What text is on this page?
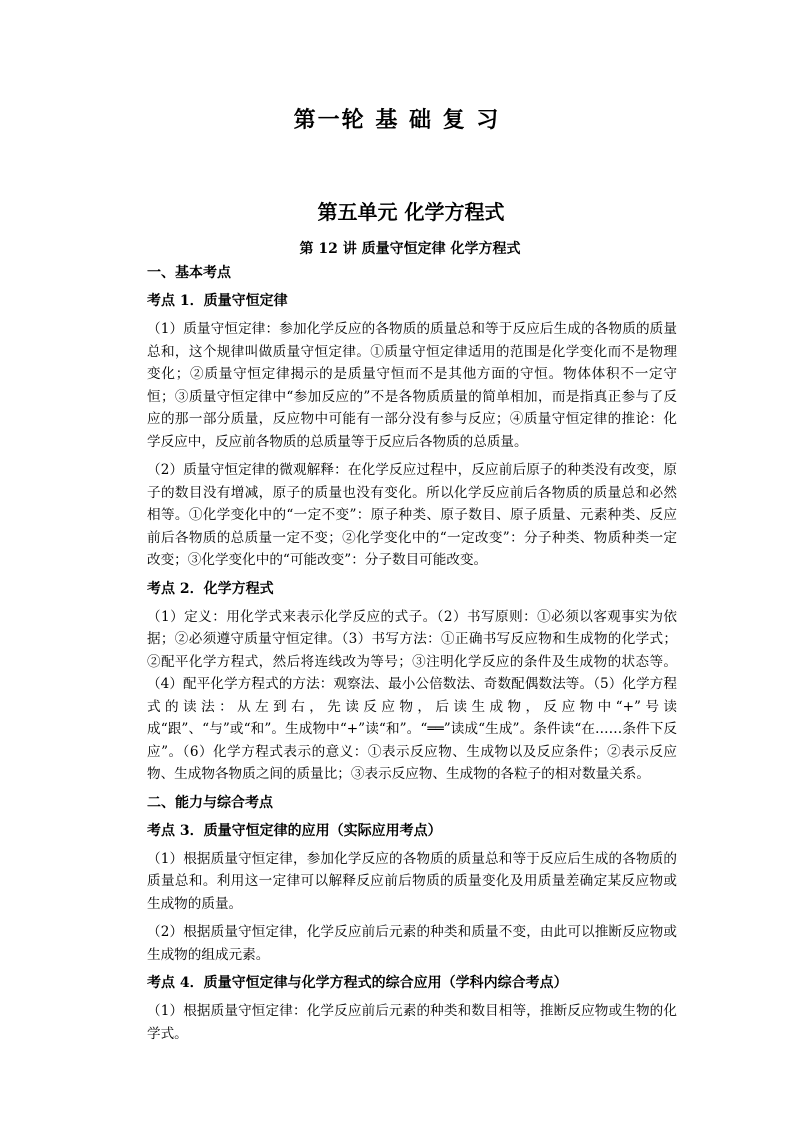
第一轮 基 础 复 习
第五单元 化学方程式
第 12 讲 质量守恒定律 化学方程式
一、基本考点
考点 1．质量守恒定律
（1）质量守恒定律：参加化学反应的各物质的质量总和等于反应后生成的各物质的质量总和，这个规律叫做质量守恒定律。①质量守恒定律适用的范围是化学变化而不是物理变化；②质量守恒定律揭示的是质量守恒而不是其他方面的守恒。物体体积不一定守恒；③质量守恒定律中“参加反应的”不是各物质质量的简单相加，而是指真正参与了反应的那一部分质量，反应物中可能有一部分没有参与反应；④质量守恒定律的推论：化学反应中，反应前各物质的总质量等于反应后各物质的总质量。
（2）质量守恒定律的微观解释：在化学反应过程中，反应前后原子的种类没有改变，原子的数目没有增减，原子的质量也没有变化。所以化学反应前后各物质的质量总和必然相等。①化学变化中的“一定不变”：原子种类、原子数目、原子质量、元素种类、反应前后各物质的总质量一定不变；②化学变化中的“一定改变”：分子种类、物质种类一定改变；③化学变化中的“可能改变”：分子数目可能改变。
考点 2．化学方程式
（1）定义：用化学式来表示化学反应的式子。（2）书写原则：①必须以客观事实为依据；②必须遵守质量守恒定律。（3）书写方法：①正确书写反应物和生成物的化学式；②配平化学方程式，然后将连线改为等号；③注明化学反应的条件及生成物的状态等。（4）配平化学方程式的方法：观察法、最小公倍数法、奇数配偶数法等。（5）化学方程式的读法：从左到右，先读反应物，后读生成物，反应物中“+”号读成“跟”、“与”或“和”。生成物中“+”读“和”。“══”读成“生成”。条件读“在……条件下反应”。（6）化学方程式表示的意义：①表示反应物、生成物以及反应条件；②表示反应物、生成物各物质之间的质量比；③表示反应物、生成物的各粒子的相对数量关系。
二、能力与综合考点
考点 3．质量守恒定律的应用（实际应用考点）
（1）根据质量守恒定律，参加化学反应的各物质的质量总和等于反应后生成的各物质的质量总和。利用这一定律可以解释反应前后物质的质量变化及用质量差确定某反应物或生成物的质量。
（2）根据质量守恒定律，化学反应前后元素的种类和质量不变，由此可以推断反应物或生成物的组成元素。
考点 4．质量守恒定律与化学方程式的综合应用（学科内综合考点）
（1）根据质量守恒定律：化学反应前后元素的种类和数目相等，推断反应物或生物的化学式。
